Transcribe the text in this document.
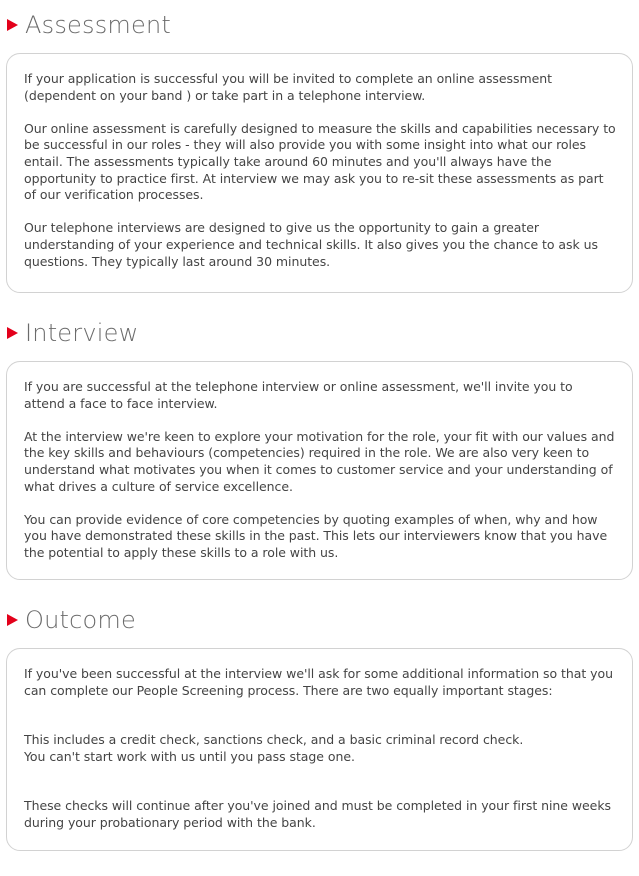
Assessment

If your application is successful you will be invited to complete an online assessment (dependent on your band ) or take part in a telephone interview.

Our online assessment is carefully designed to measure the skills and capabilities necessary to be successful in our roles - they will also provide you with some insight into what our roles entail. The assessments typically take around 60 minutes and you'll always have the opportunity to practice first. At interview we may ask you to re-sit these assessments as part of our verification processes.

Our telephone interviews are designed to give us the opportunity to gain a greater understanding of your experience and technical skills. It also gives you the chance to ask us questions. They typically last around 30 minutes.

Interview

If you are successful at the telephone interview or online assessment, we'll invite you to attend a face to face interview.

At the interview we're keen to explore your motivation for the role, your fit with our values and the key skills and behaviours (competencies) required in the role. We are also very keen to understand what motivates you when it comes to customer service and your understanding of what drives a culture of service excellence.

You can provide evidence of core competencies by quoting examples of when, why and how you have demonstrated these skills in the past. This lets our interviewers know that you have the potential to apply these skills to a role with us.

Outcome

If you've been successful at the interview we'll ask for some additional information so that you can complete our People Screening process. There are two equally important stages:

This includes a credit check, sanctions check, and a basic criminal record check.

You can't start work with us until you pass stage one.

These checks will continue after you've joined and must be completed in your first nine weeks during your probationary period with the bank.
